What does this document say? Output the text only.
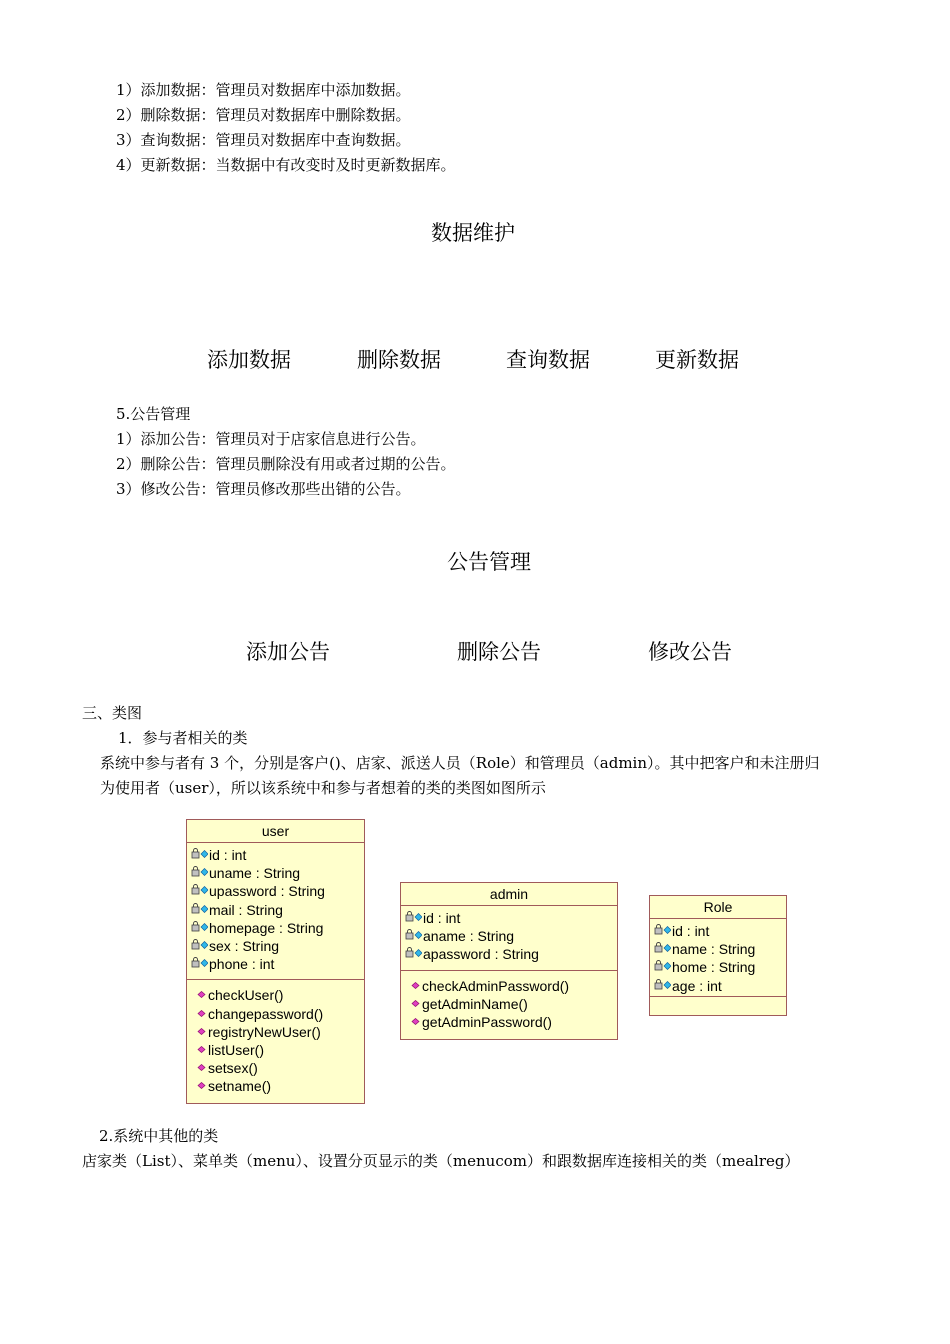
1）添加数据：管理员对数据库中添加数据。
2）删除数据：管理员对数据库中删除数据。
3）查询数据：管理员对数据库中查询数据。
4）更新数据：当数据中有改变时及时更新数据库。
数据维护
添加数据	删除数据	查询数据	更新数据
5.公告管理
1）添加公告：管理员对于店家信息进行公告。
2）删除公告：管理员删除没有用或者过期的公告。
3）修改公告：管理员修改那些出错的公告。
公告管理
添加公告	删除公告	修改公告
三、类图
1．参与者相关的类
系统中参与者有 3 个，分别是客户()、店家、派送人员（Role）和管理员（admin）。其中把客户和未注册归
为使用者（user），所以该系统中和参与者想着的类的类图如图所示
user
id : int
uname : String
upassword : String
mail : String
homepage : String
sex : String
phone : int
checkUser()
changepassword()
registryNewUser()
listUser()
setsex()
setname()
admin
id : int
aname : String
apassword : String
checkAdminPassword()
getAdminName()
getAdminPassword()
Role
id : int
name : String
home : String
age : int
2.系统中其他的类
店家类（List）、菜单类（menu）、设置分页显示的类（menucom）和跟数据库连接相关的类（mealreg）
